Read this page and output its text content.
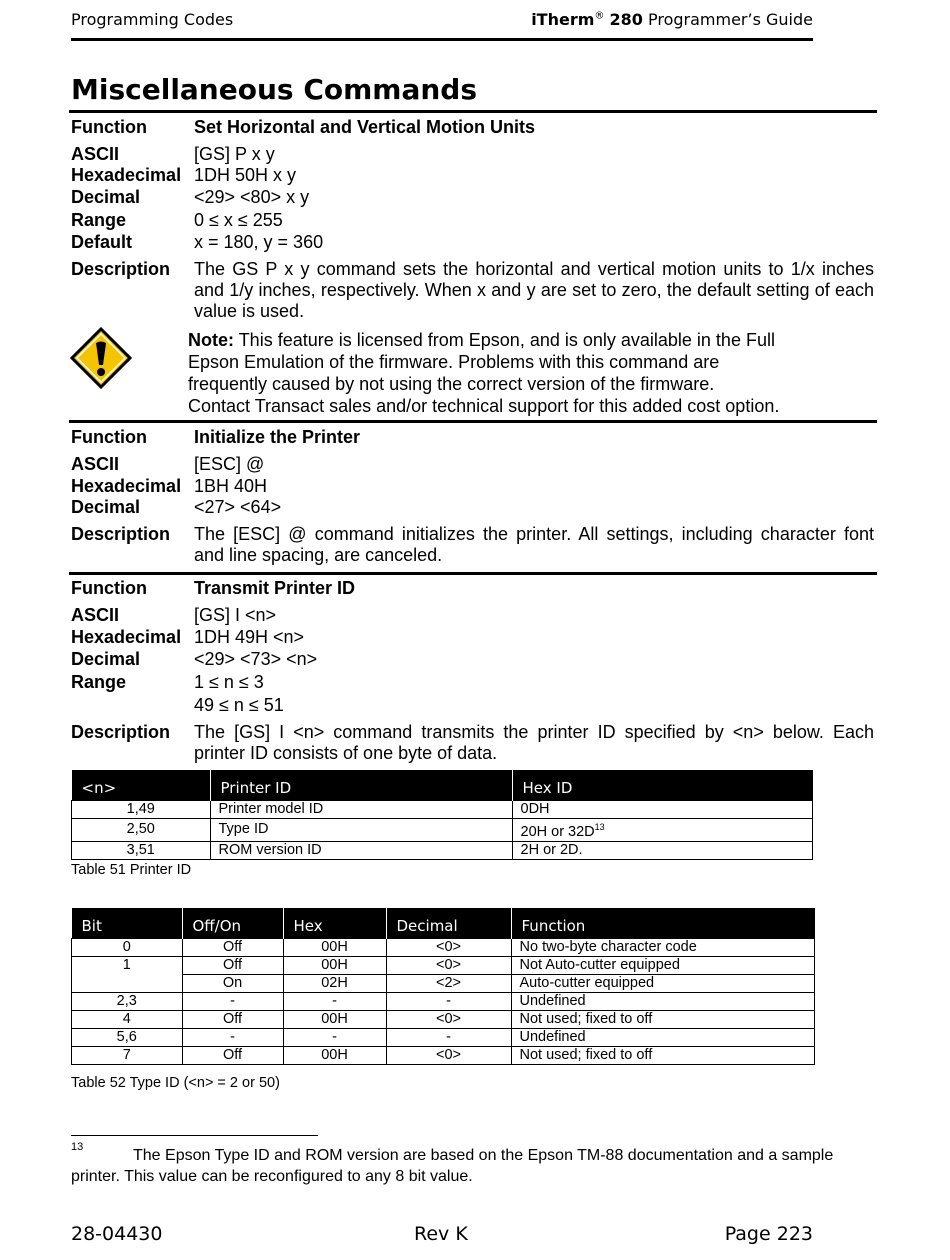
Programming Codes	iTherm® 280 Programmer’s Guide
Miscellaneous Commands
Function	Set Horizontal and Vertical Motion Units
ASCII	[GS] P x y
Hexadecimal 1DH 50H x y
Decimal	<29> <80> x y
Range	0 ≤ x ≤ 255
Default	x = 180, y = 360
Description The GS P x y command sets the horizontal and vertical motion units to 1/x inches and 1/y inches, respectively. When x and y are set to zero, the default setting of each value is used.
Note: This feature is licensed from Epson, and is only available in the Full
Epson Emulation of the firmware. Problems with this command are
frequently caused by not using the correct version of the firmware.
Contact Transact sales and/or technical support for this added cost option.
Function	Initialize the Printer
ASCII	[ESC] @
Hexadecimal 1BH 40H
Decimal	<27> <64>
Description The [ESC] @ command initializes the printer. All settings, including character font and line spacing, are canceled.
Function	Transmit Printer ID
ASCII	[GS] I <n>
Hexadecimal 1DH 49H <n>
Decimal	<29> <73> <n>
Range	1 ≤ n ≤ 3
49 ≤ n ≤ 51
Description The [GS] I <n> command transmits the printer ID specified by <n> below. Each printer ID consists of one byte of data.
<n>	Printer ID	Hex ID
1,49	Printer model ID	0DH
2,50	Type ID	20H or $32D^{13}$
3,51	ROM version ID	2H or 2D.
Table 51 Printer ID
Bit	Off/On	Hex	Decimal	Function
0	Off	00H	<0>	No two-byte character code
1	Off	00H	<0>	Not Auto-cutter equipped
	On	02H	<2>	Auto-cutter equipped
2,3	-	-	-	Undefined
4	Off	00H	<0>	Not used; fixed to off
5,6	-	-	-	Undefined
7	Off	00H	<0>	Not used; fixed to off
Table 52 Type ID (<n> = 2 or 50)
13	The Epson Type ID and ROM version are based on the Epson TM-88 documentation and a sample printer. This value can be reconfigured to any 8 bit value.
28-04430	Rev K	Page 223
